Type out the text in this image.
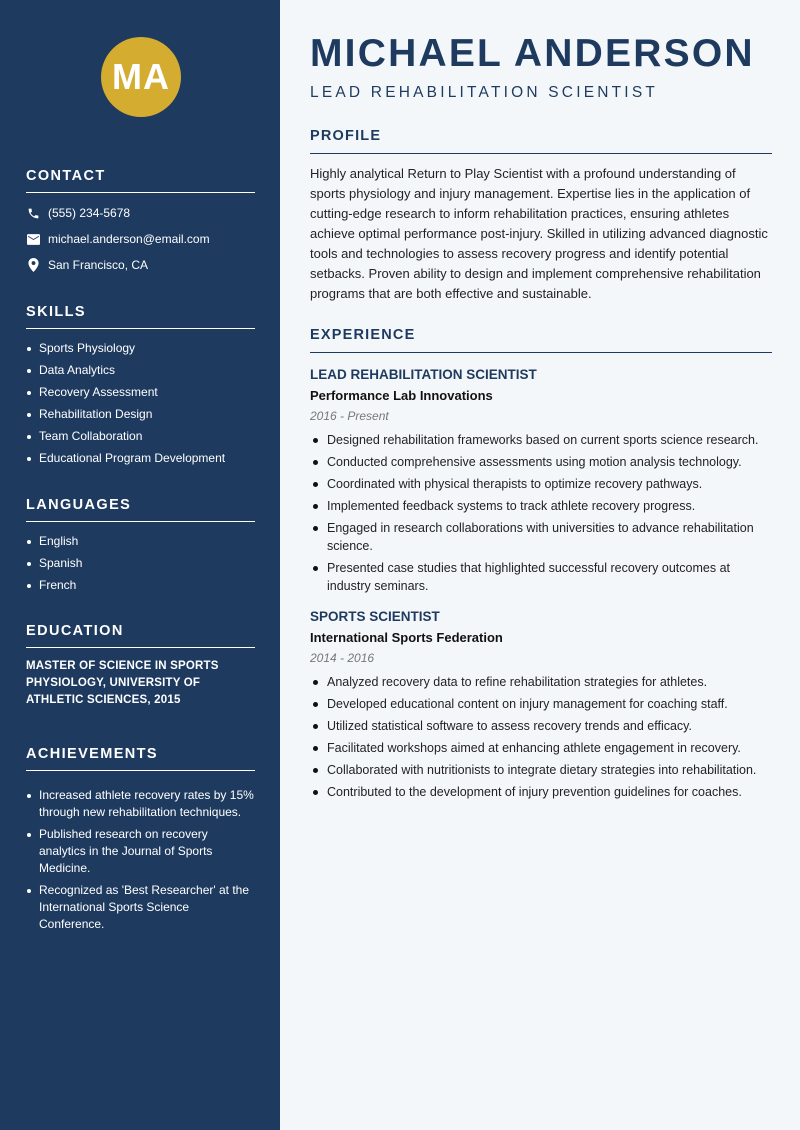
MA
CONTACT
(555) 234-5678
michael.anderson@email.com
San Francisco, CA
SKILLS
Sports Physiology
Data Analytics
Recovery Assessment
Rehabilitation Design
Team Collaboration
Educational Program Development
LANGUAGES
English
Spanish
French
EDUCATION

MASTER OF SCIENCE IN SPORTS PHYSIOLOGY, UNIVERSITY OF ATHLETIC SCIENCES, 2015

ACHIEVEMENTS
Increased athlete recovery rates by 15% through new rehabilitation techniques.
Published research on recovery analytics in the Journal of Sports Medicine.
Recognized as 'Best Researcher' at the International Sports Science Conference.
MICHAEL ANDERSON
LEAD REHABILITATION SCIENTIST
PROFILE

Highly analytical Return to Play Scientist with a profound understanding of sports physiology and injury management. Expertise lies in the application of cutting-edge research to inform rehabilitation practices, ensuring athletes achieve optimal performance post-injury. Skilled in utilizing advanced diagnostic tools and technologies to assess recovery progress and identify potential setbacks. Proven ability to design and implement comprehensive rehabilitation programs that are both effective and sustainable.

EXPERIENCE
LEAD REHABILITATION SCIENTIST
Performance Lab Innovations
2016 - Present
Designed rehabilitation frameworks based on current sports science research.
Conducted comprehensive assessments using motion analysis technology.
Coordinated with physical therapists to optimize recovery pathways.
Implemented feedback systems to track athlete recovery progress.
Engaged in research collaborations with universities to advance rehabilitation science.
Presented case studies that highlighted successful recovery outcomes at industry seminars.
SPORTS SCIENTIST
International Sports Federation
2014 - 2016
Analyzed recovery data to refine rehabilitation strategies for athletes.
Developed educational content on injury management for coaching staff.
Utilized statistical software to assess recovery trends and efficacy.
Facilitated workshops aimed at enhancing athlete engagement in recovery.
Collaborated with nutritionists to integrate dietary strategies into rehabilitation.
Contributed to the development of injury prevention guidelines for coaches.
